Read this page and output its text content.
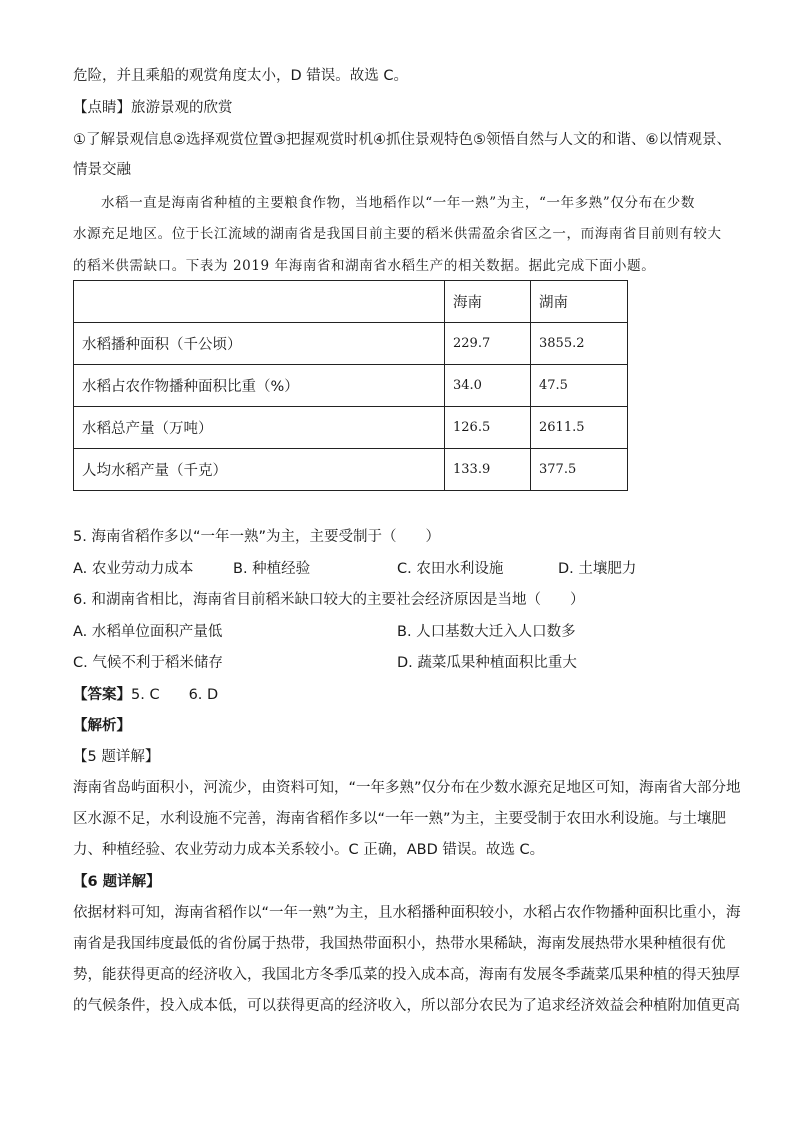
危险，并且乘船的观赏角度太小，D 错误。故选 C。
【点睛】旅游景观的欣赏
①了解景观信息②选择观赏位置③把握观赏时机④抓住景观特色⑤领悟自然与人文的和谐、⑥以情观景、
情景交融
水稻一直是海南省种植的主要粮食作物，当地稻作以“一年一熟”为主，“一年多熟”仅分布在少数
水源充足地区。位于长江流域的湖南省是我国目前主要的稻米供需盈余省区之一，而海南省目前则有较大
的稻米供需缺口。下表为 2019 年海南省和湖南省水稻生产的相关数据。据此完成下面小题。
	海南	湖南
水稻播种面积（千公顷）	229.7	3855.2
水稻占农作物播种面积比重（%）	34.0	47.5
水稻总产量（万吨）	126.5	2611.5
人均水稻产量（千克）	133.9	377.5
5. 海南省稻作多以“一年一熟”为主，主要受制于（　　）
A. 农业劳动力成本	B. 种植经验	C. 农田水利设施	D. 土壤肥力
6. 和湖南省相比，海南省目前稻米缺口较大的主要社会经济原因是当地（　　）
A. 水稻单位面积产量低	B. 人口基数大迁入人口数多
C. 气候不利于稻米储存	D. 蔬菜瓜果种植面积比重大
【答案】5. C　　6. D
【解析】
【5 题详解】
海南省岛屿面积小，河流少，由资料可知，“一年多熟”仅分布在少数水源充足地区可知，海南省大部分地
区水源不足，水利设施不完善，海南省稻作多以“一年一熟”为主，主要受制于农田水利设施。与土壤肥
力、种植经验、农业劳动力成本关系较小。C 正确，ABD 错误。故选 C。
【6 题详解】
依据材料可知，海南省稻作以“一年一熟”为主，且水稻播种面积较小，水稻占农作物播种面积比重小，海
南省是我国纬度最低的省份属于热带，我国热带面积小，热带水果稀缺，海南发展热带水果种植很有优
势，能获得更高的经济收入，我国北方冬季瓜菜的投入成本高，海南有发展冬季蔬菜瓜果种植的得天独厚
的气候条件，投入成本低，可以获得更高的经济收入，所以部分农民为了追求经济效益会种植附加值更高
